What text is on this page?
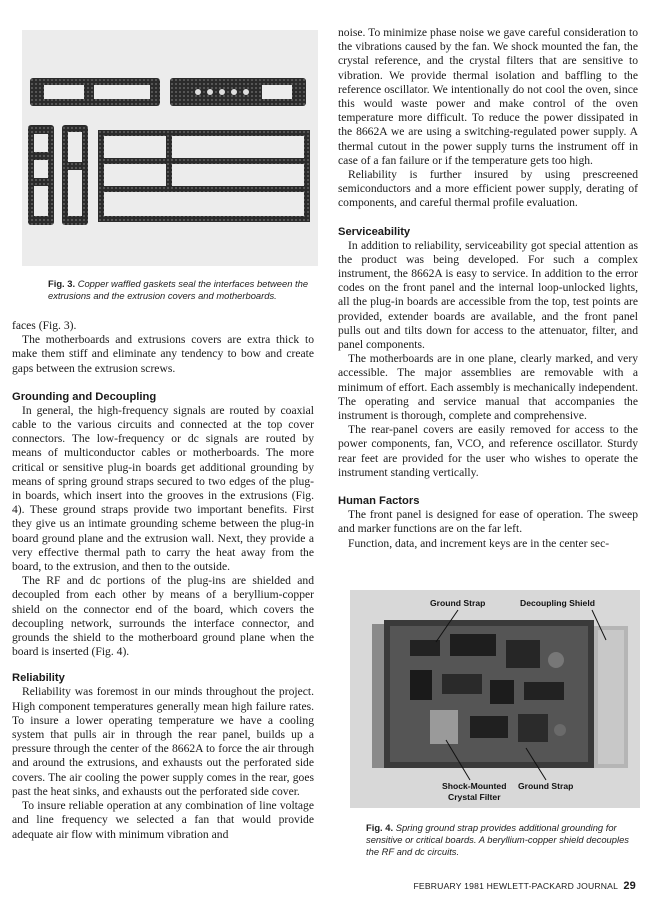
Fig. 3. Copper waffled gaskets seal the interfaces between the extrusions and the extrusion covers and motherboards.

faces (Fig. 3).

The motherboards and extrusions covers are extra thick to make them stiff and eliminate any tendency to bow and create gaps between the extrusion screws.

Grounding and Decoupling

In general, the high-frequency signals are routed by coaxial cable to the various circuits and connected at the top cover connectors. The low-frequency or dc signals are routed by means of multiconductor cables or motherboards. The more critical or sensitive plug-in boards get additional grounding by means of spring ground straps secured to two edges of the plug-in boards, which insert into the grooves in the extrusions (Fig. 4). These ground straps provide two important benefits. First they give us an intimate grounding scheme between the plug-in board ground plane and the extrusion wall. Next, they provide a very effective thermal path to carry the heat away from the board, to the extrusion, and then to the outside.

The RF and dc portions of the plug-ins are shielded and decoupled from each other by means of a beryllium-copper shield on the connector end of the board, which covers the decoupling network, surrounds the interface connector, and grounds the shield to the motherboard ground plane when the board is inserted (Fig. 4).

Reliability

Reliability was foremost in our minds throughout the project. High component temperatures generally mean high failure rates. To insure a lower operating temperature we have a cooling system that pulls air in through the rear panel, builds up a pressure through the center of the 8662A to force the air through and around the extrusions, and exhausts out the perforated side covers. The air cooling the power supply comes in the rear, goes past the heat sinks, and exhausts out the perforated side cover.

To insure reliable operation at any combination of line voltage and line frequency we selected a fan that would provide adequate air flow with minimum vibration and

noise. To minimize phase noise we gave careful consideration to the vibrations caused by the fan. We shock mounted the fan, the crystal reference, and the crystal filters that are sensitive to vibration. We provide thermal isolation and baffling to the reference oscillator. We intentionally do not cool the oven, since this would waste power and make control of the oven temperature more difficult. To reduce the power dissipated in the 8662A we are using a switching-regulated power supply. A thermal cutout in the power supply turns the instrument off in case of a fan failure or if the temperature gets too high.

Reliability is further insured by using prescreened semiconductors and a more efficient power supply, derating of components, and careful thermal profile evaluation.

Serviceability

In addition to reliability, serviceability got special attention as the product was being developed. For such a complex instrument, the 8662A is easy to service. In addition to the error codes on the front panel and the internal loop-unlocked lights, all the plug-in boards are accessible from the top, test points are provided, extender boards are available, and the front panel pulls out and tilts down for access to the attenuator, filter, and panel components.

The motherboards are in one plane, clearly marked, and very accessible. The major assemblies are removable with a minimum of effort. Each assembly is mechanically independent. The operating and service manual that accompanies the instrument is thorough, complete and comprehensive.

The rear-panel covers are easily removed for access to the power components, fan, VCO, and reference oscillator. Sturdy rear feet are provided for the user who wishes to operate the instrument standing vertically.

Human Factors

The front panel is designed for ease of operation. The sweep and marker functions are on the far left.

Function, data, and increment keys are in the center sec-

Ground Strap	Decoupling Shield
Shock-Mounted
Crystal Filter
Ground Strap
Fig. 4. Spring ground strap provides additional grounding for sensitive or critical boards. A beryllium-copper shield decouples the RF and dc circuits.
FEBRUARY 1981 HEWLETT-PACKARD JOURNAL 29
